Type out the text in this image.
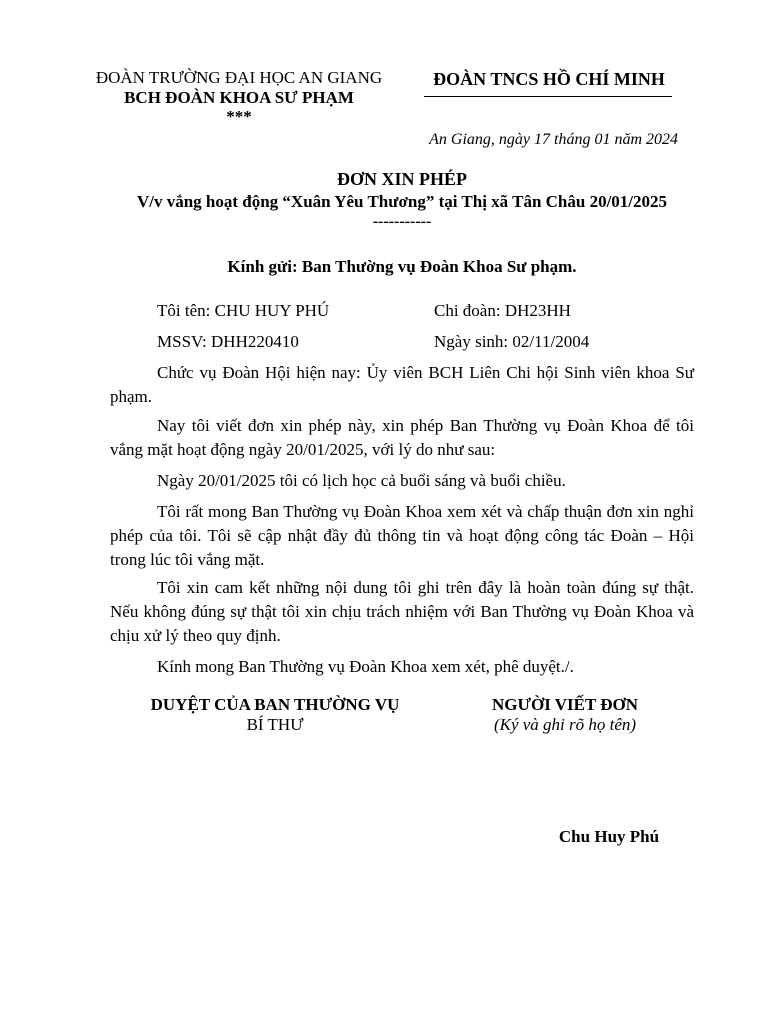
ĐOÀN TRƯỜNG ĐẠI HỌC AN GIANG
BCH ĐOÀN KHOA SƯ PHẠM
***
ĐOÀN TNCS HỒ CHÍ MINH
An Giang, ngày 17 tháng 01 năm 2024
ĐƠN XIN PHÉP
V/v vắng hoạt động “Xuân Yêu Thương” tại Thị xã Tân Châu 20/01/2025
-----------
Kính gửi: Ban Thường vụ Đoàn Khoa Sư phạm.
Tôi tên: CHU HUY PHÚ	Chi đoàn: DH23HH
MSSV: DHH220410	Ngày sinh: 02/11/2004

Chức vụ Đoàn Hội hiện nay: Ủy viên BCH Liên Chi hội Sinh viên khoa Sư phạm.

Nay tôi viết đơn xin phép này, xin phép Ban Thường vụ Đoàn Khoa để tôi vắng mặt hoạt động ngày 20/01/2025, với lý do như sau:

Ngày 20/01/2025 tôi có lịch học cả buổi sáng và buổi chiều.

Tôi rất mong Ban Thường vụ Đoàn Khoa xem xét và chấp thuận đơn xin nghỉ phép của tôi. Tôi sẽ cập nhật đầy đủ thông tin và hoạt động công tác Đoàn – Hội trong lúc tôi vắng mặt.

Tôi xin cam kết những nội dung tôi ghi trên đây là hoàn toàn đúng sự thật. Nếu không đúng sự thật tôi xin chịu trách nhiệm với Ban Thường vụ Đoàn Khoa và chịu xử lý theo quy định.

Kính mong Ban Thường vụ Đoàn Khoa xem xét, phê duyệt./.

DUYỆT CỦA BAN THƯỜNG VỤ
BÍ THƯ
NGƯỜI VIẾT ĐƠN
(Ký và ghi rõ họ tên)
Chu Huy Phú
